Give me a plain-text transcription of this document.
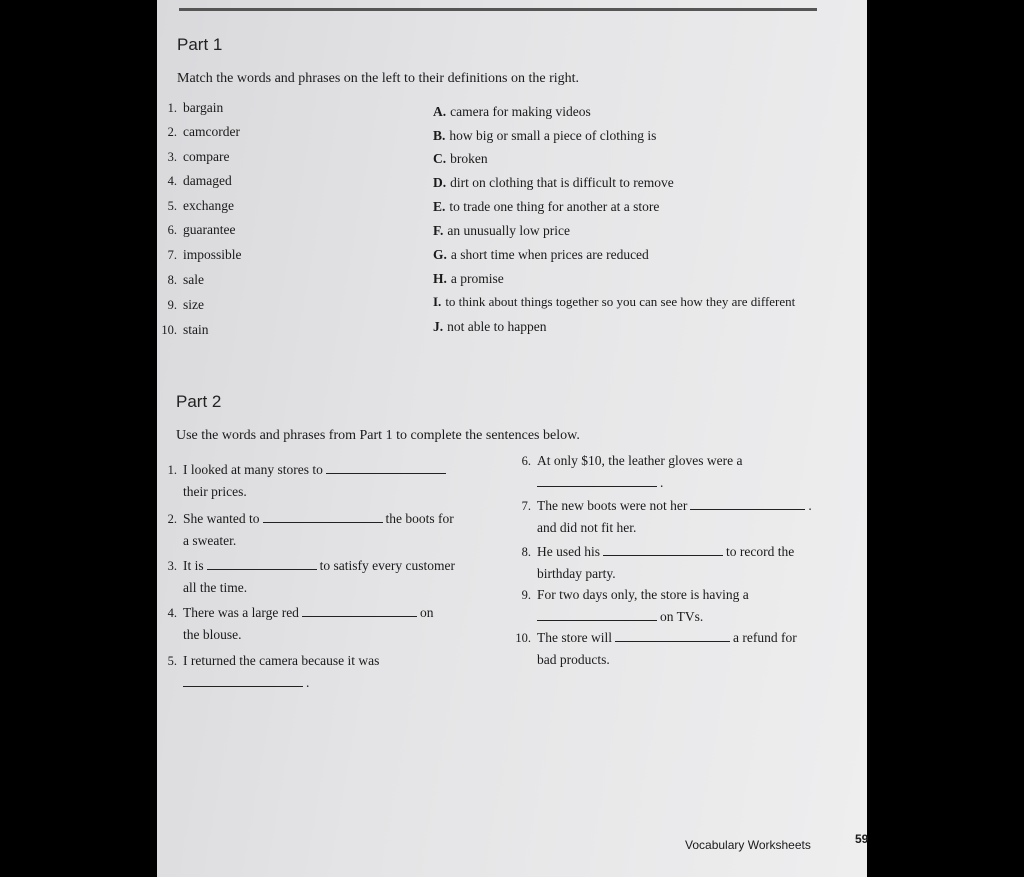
Part 1
Match the words and phrases on the left to their definitions on the right.
1. bargain
2. camcorder
3. compare
4. damaged
5. exchange
6. guarantee
7. impossible
8. sale
9. size
10. stain
A. camera for making videos
B. how big or small a piece of clothing is
C. broken
D. dirt on clothing that is difficult to remove
E. to trade one thing for another at a store
F. an unusually low price
G. a short time when prices are reduced
H. a promise
I. to think about things together so you can see how they are different
J. not able to happen
Part 2
Use the words and phrases from Part 1 to complete the sentences below.
1. I looked at many stores to
their prices.
2. She wanted to	the boots for
a sweater.
3. It is	to satisfy every customer
all the time.
4. There was a large red	on
the blouse.
5. I returned the camera because it was
.
6. At only $10, the leather gloves were a
.
7. The new boots were not her	.
and did not fit her.
8. He used his	to record the
birthday party.
9. For two days only, the store is having a
on TVs.
10. The store will	a refund for
bad products.
Vocabulary Worksheets	59
